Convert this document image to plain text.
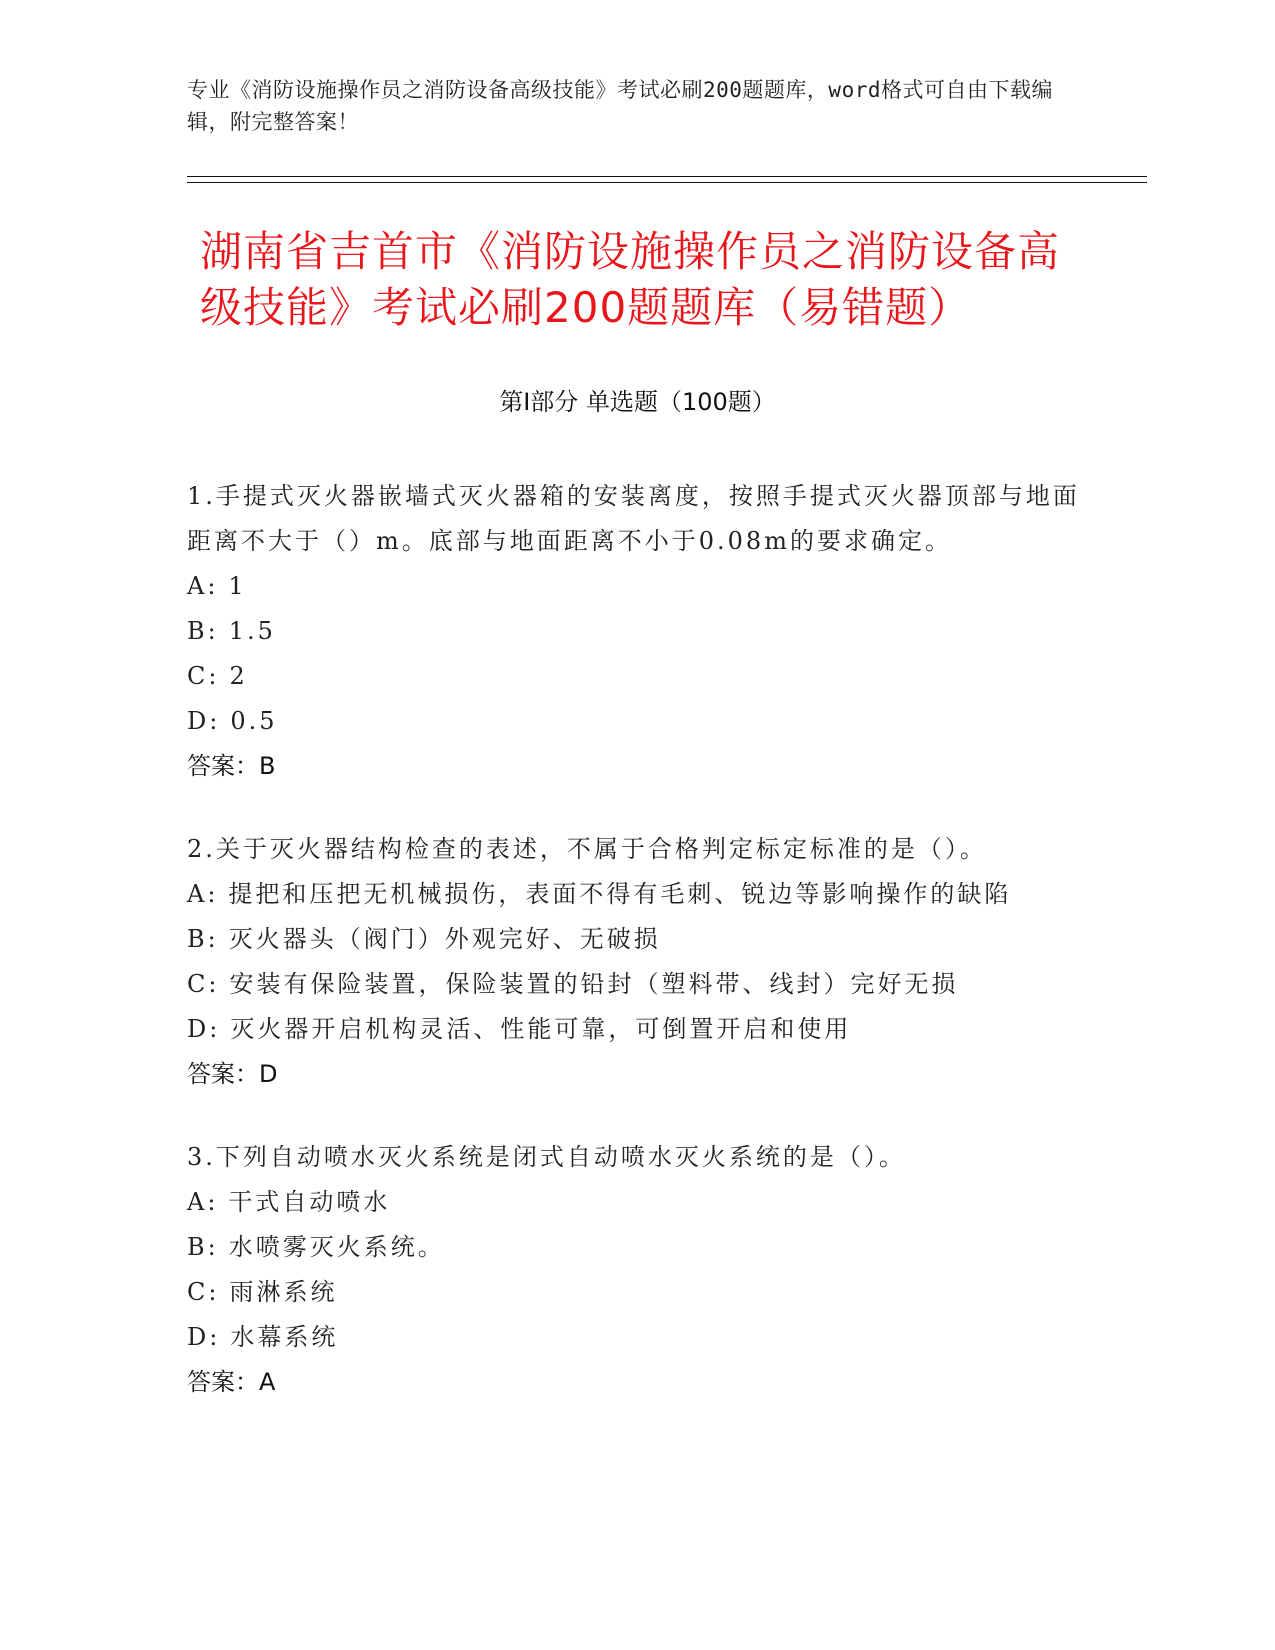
专业《消防设施操作员之消防设备高级技能》考试必刷200题题库，word格式可自由下载编辑，附完整答案！
湖南省吉首市《消防设施操作员之消防设备高级技能》考试必刷200题题库（易错题）
第I部分 单选题（100题）
1.手提式灭火器嵌墙式灭火器箱的安装离度，按照手提式灭火器顶部与地面距离不大于（）m。底部与地面距离不小于0.08m的要求确定。
A: 1
B: 1.5
C: 2
D: 0.5
答案：B
2.关于灭火器结构检查的表述，不属于合格判定标定标准的是（）。
A: 提把和压把无机械损伤，表面不得有毛刺、锐边等影响操作的缺陷
B: 灭火器头（阀门）外观完好、无破损
C: 安装有保险装置，保险装置的铅封（塑料带、线封）完好无损
D: 灭火器开启机构灵活、性能可靠，可倒置开启和使用
答案：D
3.下列自动喷水灭火系统是闭式自动喷水灭火系统的是（）。
A: 干式自动喷水
B: 水喷雾灭火系统。
C: 雨淋系统
D: 水幕系统
答案：A
